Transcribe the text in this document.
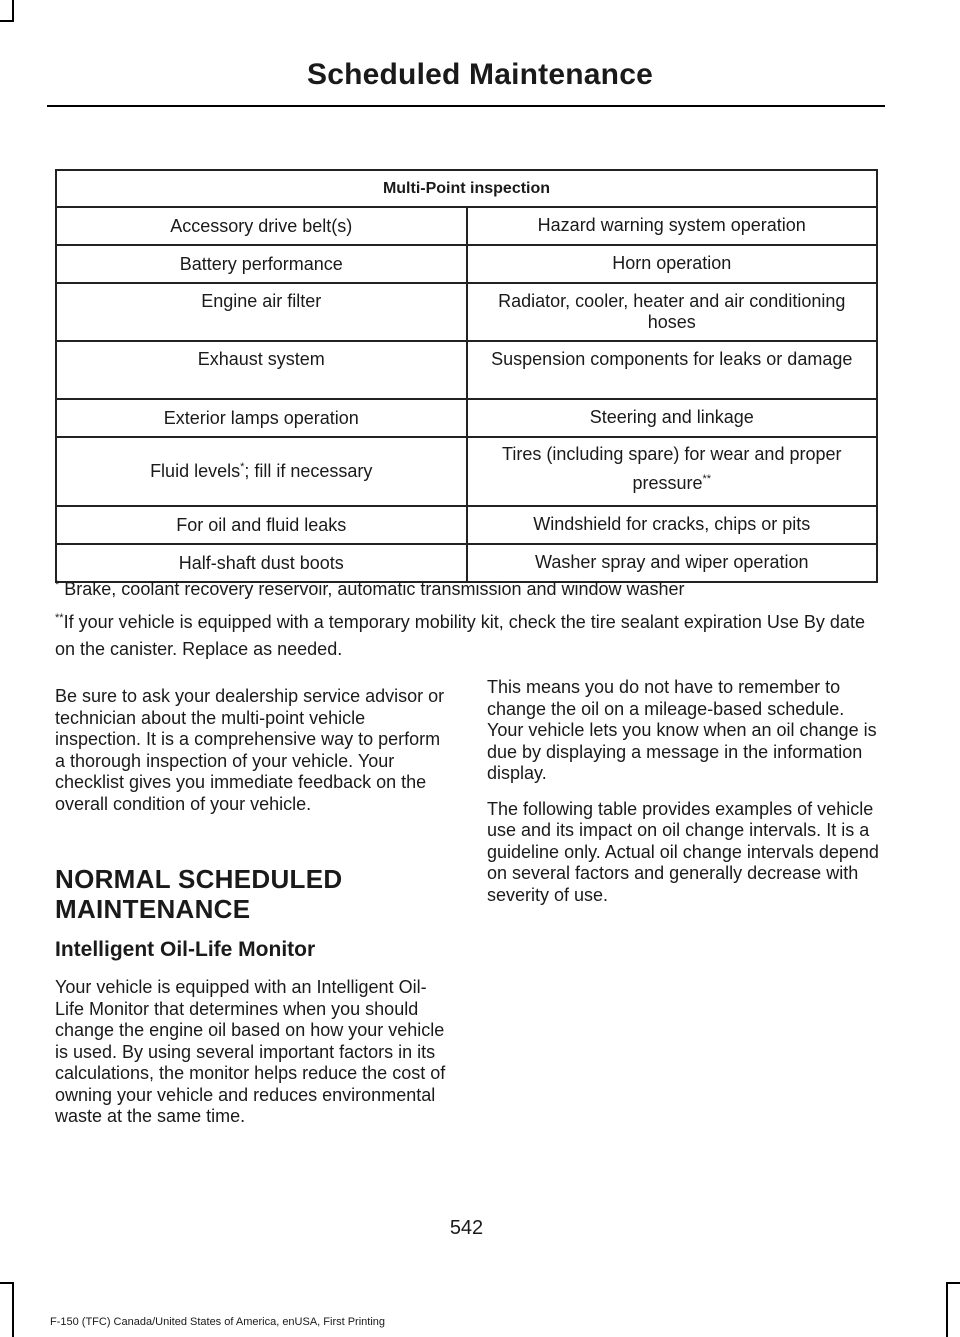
Scheduled Maintenance
Multi-Point inspection	
Accessory drive belt(s)	Hazard warning system operation
Battery performance	Horn operation
Engine air filter	Radiator, cooler, heater and air conditioning hoses
Exhaust system	Suspension components for leaks or damage
Exterior lamps operation	Steering and linkage
Fluid levels*; fill if necessary	Tires (including spare) for wear and proper pressure**
For oil and fluid leaks	Windshield for cracks, chips or pits
Half-shaft dust boots	Washer spray and wiper operation
* Brake, coolant recovery reservoir, automatic transmission and window washer
**If your vehicle is equipped with a temporary mobility kit, check the tire sealant expiration Use By date on the canister. Replace as needed.

Be sure to ask your dealership service advisor or technician about the multi-point vehicle inspection. It is a comprehensive way to perform a thorough inspection of your vehicle. Your checklist gives you immediate feedback on the overall condition of your vehicle.

NORMAL SCHEDULED
MAINTENANCE
Intelligent Oil-Life Monitor

Your vehicle is equipped with an Intelligent Oil-Life Monitor that determines when you should change the engine oil based on how your vehicle is used. By using several important factors in its calculations, the monitor helps reduce the cost of owning your vehicle and reduces environmental waste at the same time.

This means you do not have to remember to change the oil on a mileage-based schedule. Your vehicle lets you know when an oil change is due by displaying a message in the information display.

The following table provides examples of vehicle use and its impact on oil change intervals. It is a guideline only. Actual oil change intervals depend on several factors and generally decrease with severity of use.

542
F-150 (TFC) Canada/United States of America, enUSA, First Printing
